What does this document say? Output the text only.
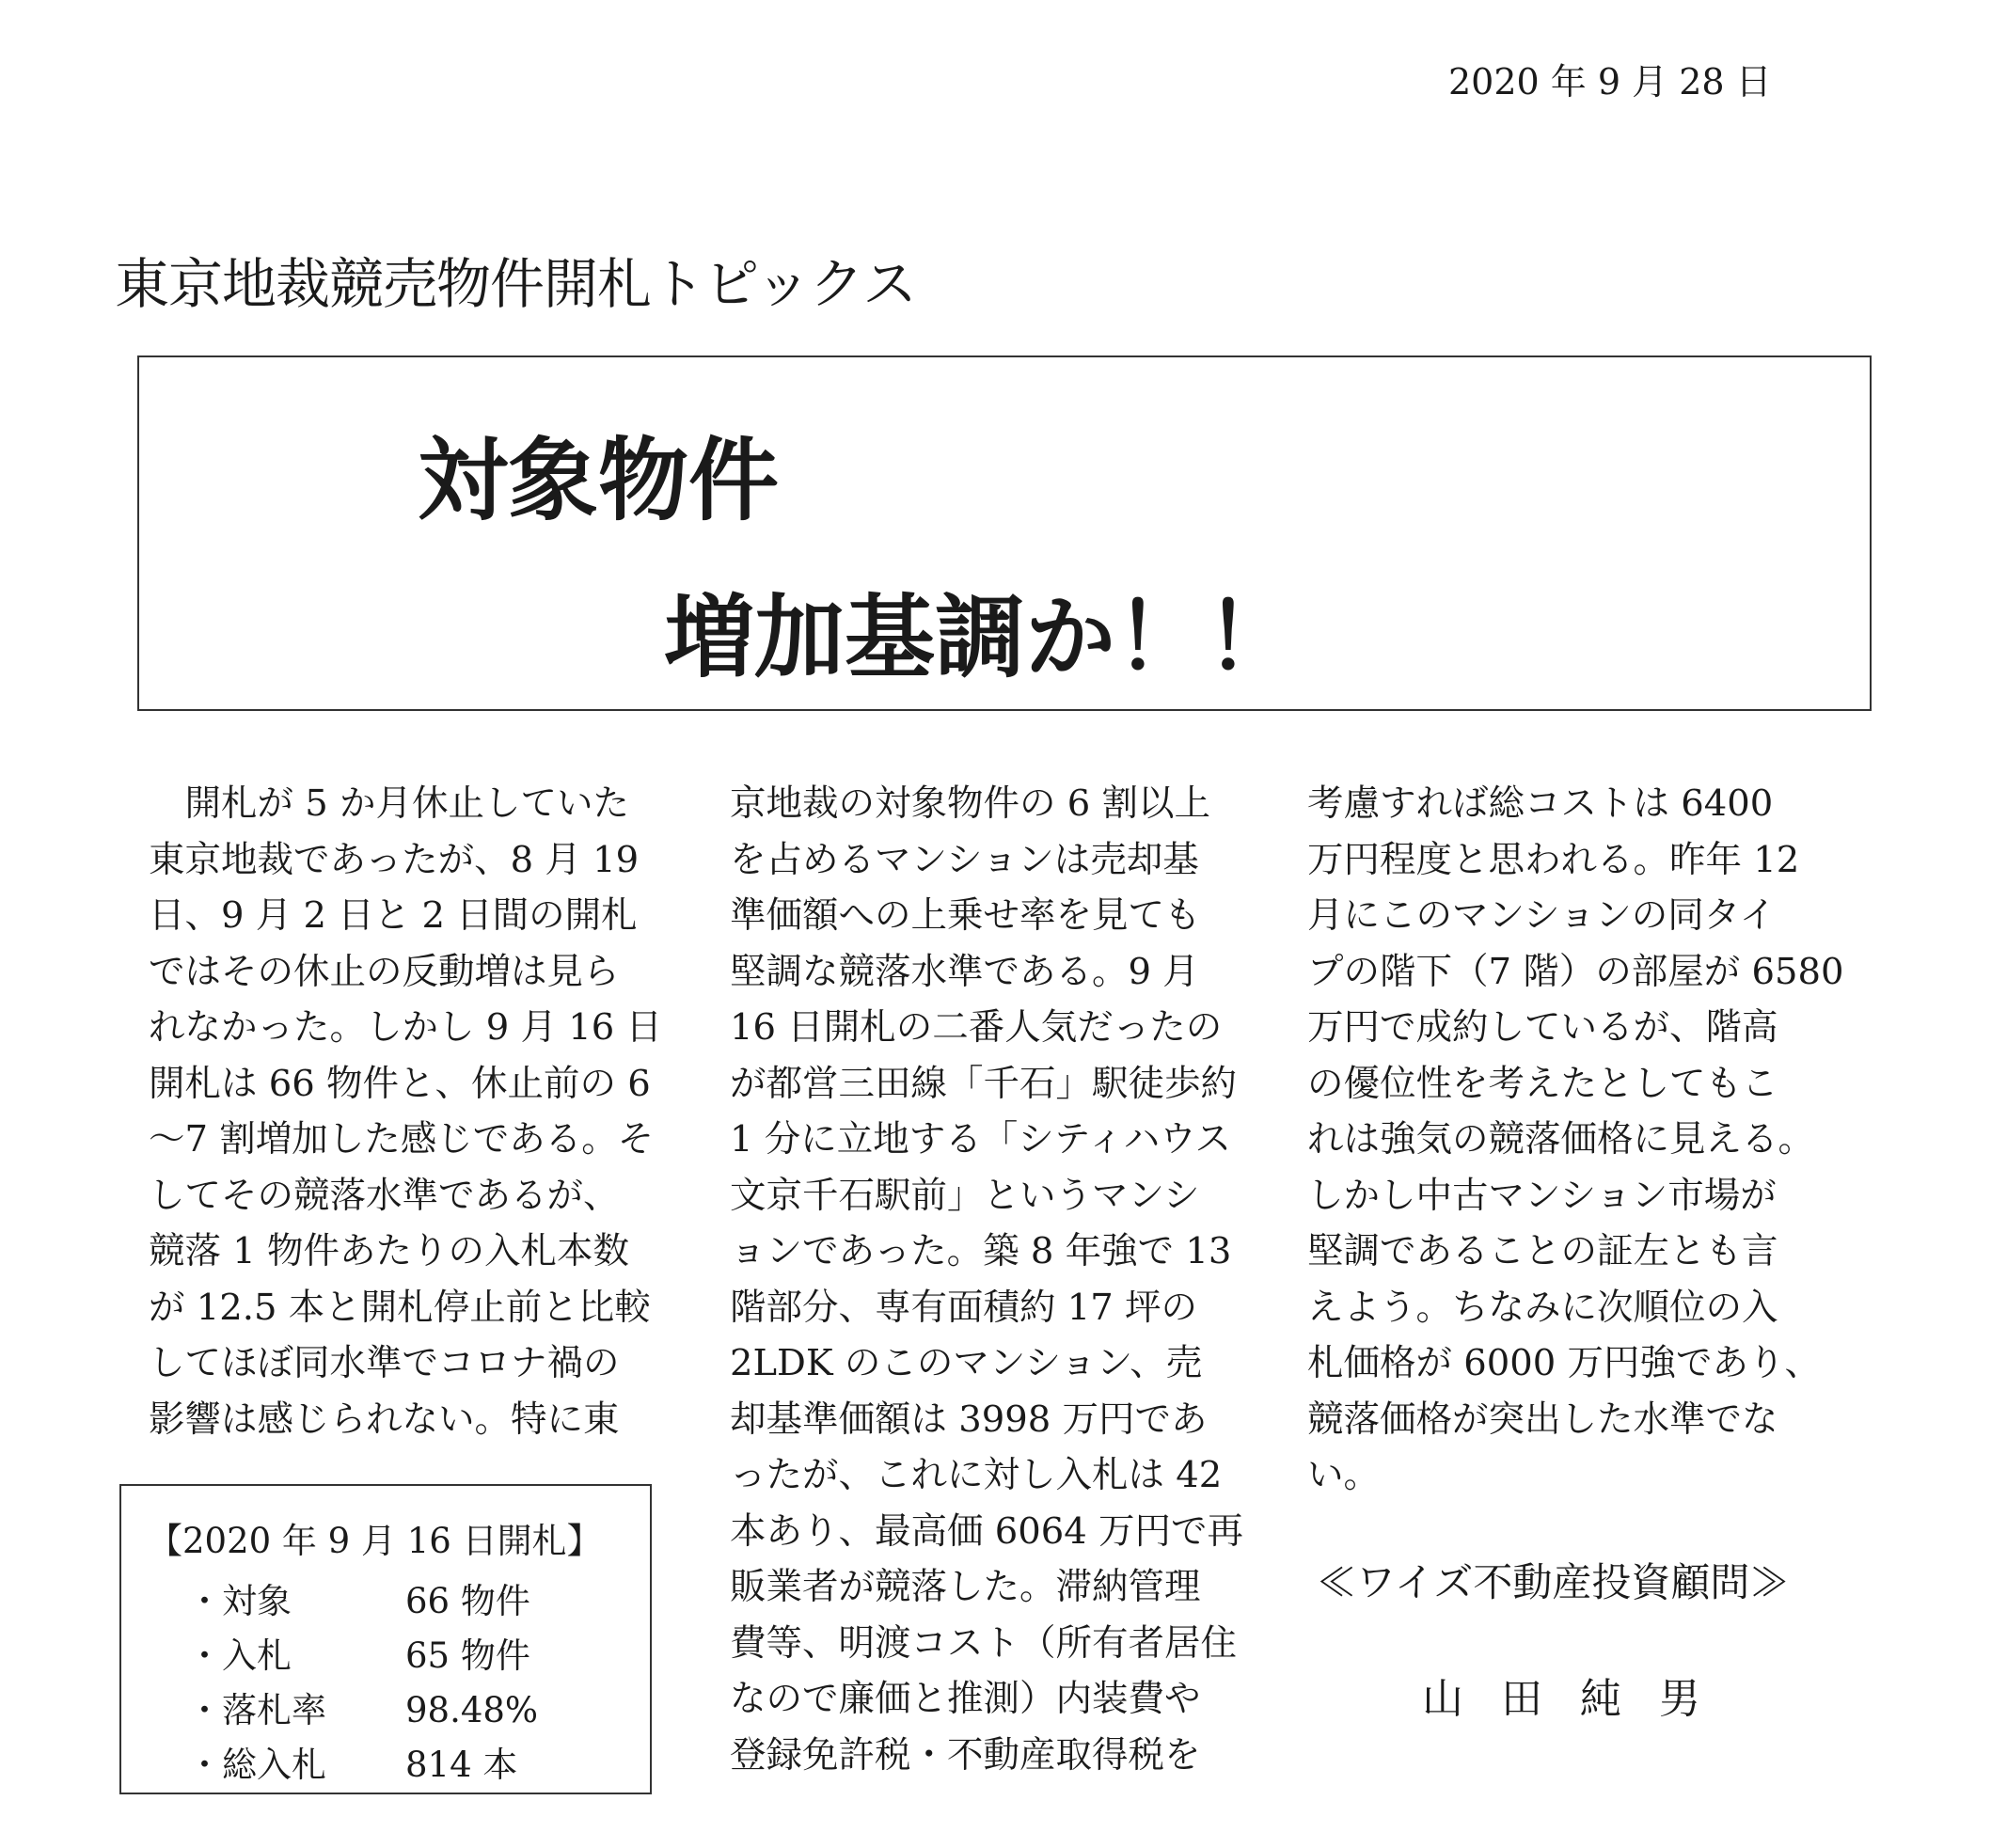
2020 年 9 月 28 日
東京地裁競売物件開札トピックス
対象物件
増加基調か！！
　開札が 5 か月休止していた
東京地裁であったが、8 月 19
日、9 月 2 日と 2 日間の開札
ではその休止の反動増は見ら
れなかった。しかし 9 月 16 日
開札は 66 物件と、休止前の 6
～7 割増加した感じである。そ
してその競落水準であるが、
競落 1 物件あたりの入札本数
が 12.5 本と開札停止前と比較
してほぼ同水準でコロナ禍の
影響は感じられない。特に東
京地裁の対象物件の 6 割以上
を占めるマンションは売却基
準価額への上乗せ率を見ても
堅調な競落水準である。9 月
16 日開札の二番人気だったの
が都営三田線「千石」駅徒歩約
1 分に立地する「シティハウス
文京千石駅前」というマンシ
ョンであった。築 8 年強で 13
階部分、専有面積約 17 坪の
2LDK のこのマンション、売
却基準価額は 3998 万円であ
ったが、これに対し入札は 42
本あり、最高価 6064 万円で再
販業者が競落した。滞納管理
費等、明渡コスト（所有者居住
なので廉価と推測）内装費や
登録免許税・不動産取得税を
考慮すれば総コストは 6400
万円程度と思われる。昨年 12
月にこのマンションの同タイ
プの階下（7 階）の部屋が 6580
万円で成約しているが、階高
の優位性を考えたとしてもこ
れは強気の競落価格に見える。
しかし中古マンション市場が
堅調であることの証左とも言
えよう。ちなみに次順位の入
札価格が 6000 万円強であり、
競落価格が突出した水準でな
い。
【2020 年 9 月 16 日開札】
・対象	66 物件
・入札	65 物件
・落札率 98.48%
・総入札 814 本
≪ワイズ不動産投資顧問≫
山田純男
